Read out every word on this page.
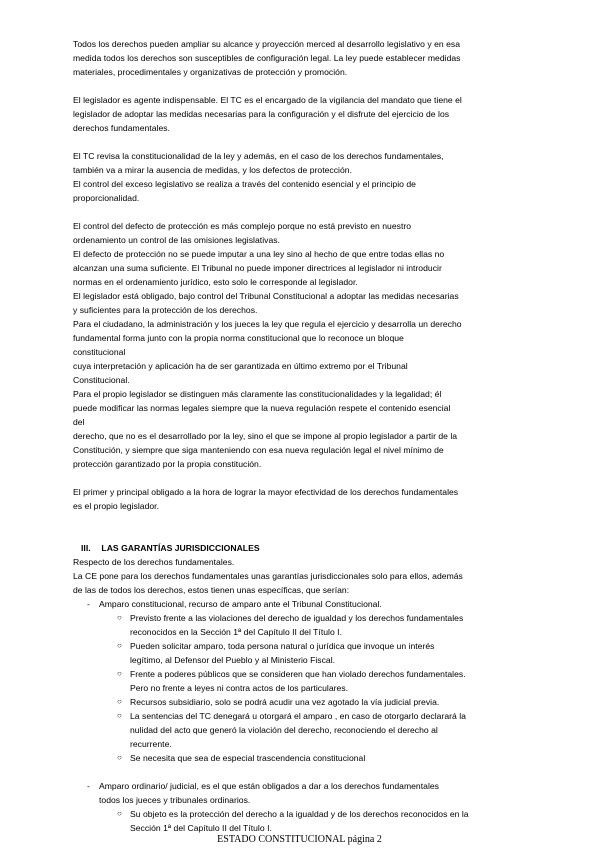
Todos los derechos pueden ampliar su alcance y proyección merced al desarrollo legislativo y en esa
medida todos los derechos son susceptibles de configuración legal. La ley puede establecer medidas
materiales, procedimentales y organizativas de protección y promoción.
El legislador es agente indispensable. El TC es el encargado de la vigilancia del mandato que tiene el
legislador de adoptar las medidas necesarias para la configuración y el disfrute del ejercicio de los
derechos fundamentales.
El TC revisa la constitucionalidad de la ley y además, en el caso de los derechos fundamentales,
también va a mirar la ausencia de medidas, y los defectos de protección.
El control del exceso legislativo se realiza a través del contenido esencial y el principio de
proporcionalidad.
El control del defecto de protección es más complejo porque no está previsto en nuestro
ordenamiento un control de las omisiones legislativas.
El defecto de protección no se puede imputar a una ley sino al hecho de que entre todas ellas no
alcanzan una suma suficiente. El Tribunal no puede imponer directrices al legislador ni introducir
normas en el ordenamiento jurídico, esto solo le corresponde al legislador.
El legislador está obligado, bajo control del Tribunal Constitucional a adoptar las medidas necesarias
y suficientes para la protección de los derechos.
Para el ciudadano, la administración y los jueces la ley que regula el ejercicio y desarrolla un derecho
fundamental forma junto con la propia norma constitucional que lo reconoce un bloque
constitucional
cuya interpretación y aplicación ha de ser garantizada en último extremo por el Tribunal
Constitucional.
Para el propio legislador se distinguen más claramente las constitucionalidades y la legalidad; él
puede modificar las normas legales siempre que la nueva regulación respete el contenido esencial
del
derecho, que no es el desarrollado por la ley, sino el que se impone al propio legislador a partir de la
Constitución, y siempre que siga manteniendo con esa nueva regulación legal el nivel mínimo de
protección garantizado por la propia constitución.
El primer y principal obligado a la hora de lograr la mayor efectividad de los derechos fundamentales
es el propio legislador.
III. LAS GARANTÍAS JURISDICCIONALES
Respecto de los derechos fundamentales.
La CE pone para los derechos fundamentales unas garantías jurisdiccionales solo para ellos, además
de las de todos los derechos, estos tienen unas específicas, que serían:
-	Amparo constitucional, recurso de amparo ante el Tribunal Constitucional.
○ Previsto frente a las violaciones del derecho de igualdad y los derechos fundamentales
reconocidos en la Sección 1ª del Capítulo II del Título I.
○ Pueden solicitar amparo, toda persona natural o jurídica que invoque un interés
legítimo, al Defensor del Pueblo y al Ministerio Fiscal.
○ Frente a poderes públicos que se consideren que han violado derechos fundamentales.
Pero no frente a leyes ni contra actos de los particulares.
○ Recursos subsidiario, solo se podrá acudir una vez agotado la vía judicial previa.
○ La sentencias del TC denegará u otorgará el amparo , en caso de otorgarlo declarará la
nulidad del acto que generó la violación del derecho, reconociendo el derecho al
recurrente.
○ Se necesita que sea de especial trascendencia constitucional
-	Amparo ordinario/ judicial, es el que están obligados a dar a los derechos fundamentales
todos los jueces y tribunales ordinarios.
○ Su objeto es la protección del derecho a la igualdad y de los derechos reconocidos en la
Sección 1ª del Capítulo II del Título I.
ESTADO CONSTITUCIONAL página 2
